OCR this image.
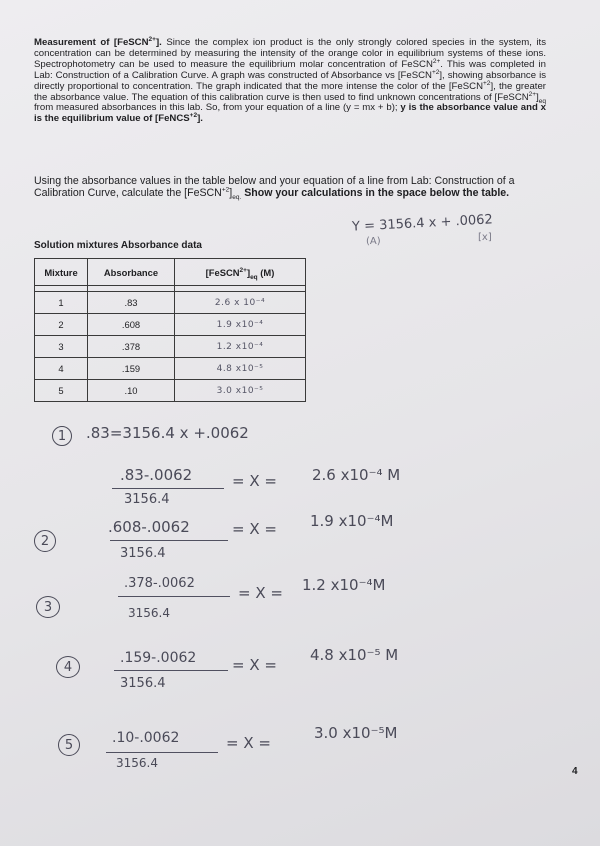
Measurement of [FeSCN$^{2+}$]. Since the complex ion product is the only strongly colored species in the system, its concentration can be determined by measuring the intensity of the orange color in equilibrium systems of these ions. Spectrophotometry can be used to measure the equilibrium molar concentration of FeSCN$^{2+}$. This was completed in Lab: Construction of a Calibration Curve. A graph was constructed of Absorbance vs [FeSCN$^{+2}$], showing absorbance is directly proportional to concentration. The graph indicated that the more intense the color of the [FeSCN$^{+2}$], the greater the absorbance value. The equation of this calibration curve is then used to find unknown concentrations of $[FeSCN^{2+}]_{eq}$ from measured absorbances in this lab. So, from your equation of a line (y = mx + b); y is the absorbance value and x is the equilibrium value of [FeNCS$^{+2}$].
Using the absorbance values in the table below and your equation of a line from Lab: Construction of a Calibration Curve, calculate the $[FeSCN^{+2}]_{eq.}$ Show your calculations in the space below the table.
Solution mixtures Absorbance data
Mixture	Absorbance	$[FeSCN^{2+}]_{eq}$ (M)

1	.83	2.6 x 10⁻⁴
2	.608	1.9 x10⁻⁴
3	.378	1.2 x10⁻⁴
4	.159	4.8 x10⁻⁵
5	.10	3.0 x10⁻⁵
Y = 3156.4 x + .0062
(A)	[x]
1	.83=3156.4 x +.0062
.83-.0062
3156.4
= X = 2.6 x10⁻⁴ M
2
.608-.0062
3156.4
= X = 1.9 x10⁻⁴M
3
.378-.0062
3156.4
= X = 1.2 x10⁻⁴M
4
.159-.0062
3156.4
= X =
4.8 x10⁻⁵ M
5	.10-.0062
3156.4
= X =
3.0 x10⁻⁵M
4
